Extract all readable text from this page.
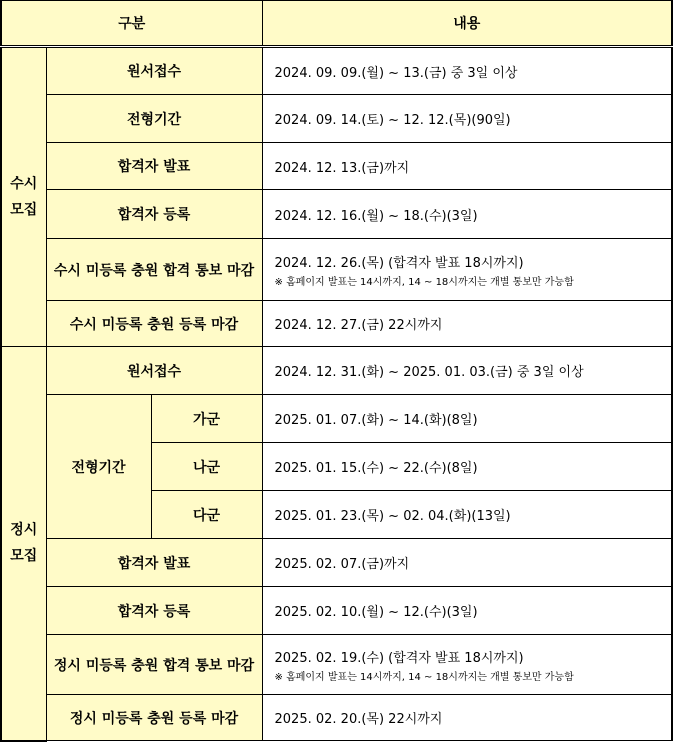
구분			내용
수시
모집	원서접수		2024. 09. 09.(월) ~ 13.(금) 중 3일 이상
	전형기간		2024. 09. 14.(토) ~ 12. 12.(목)(90일)
	합격자 발표		2024. 12. 13.(금)까지
	합격자 등록		2024. 12. 16.(월) ~ 18.(수)(3일)
	수시 미등록 충원 합격 통보 마감		2024. 12. 26.(목) (합격자 발표 18시까지)
※ 홈페이지 발표는 14시까지, 14 ~ 18시까지는 개별 통보만 가능함

	수시 미등록 충원 등록 마감		2024. 12. 27.(금) 22시까지
정시
모집	원서접수		2024. 12. 31.(화) ~ 2025. 01. 03.(금) 중 3일 이상
	전형기간	가군	2025. 01. 07.(화) ~ 14.(화)(8일)
		나군	2025. 01. 15.(수) ~ 22.(수)(8일)
		다군	2025. 01. 23.(목) ~ 02. 04.(화)(13일)
	합격자 발표		2025. 02. 07.(금)까지
	합격자 등록		2025. 02. 10.(월) ~ 12.(수)(3일)
	정시 미등록 충원 합격 통보 마감		2025. 02. 19.(수) (합격자 발표 18시까지)
※ 홈페이지 발표는 14시까지, 14 ~ 18시까지는 개별 통보만 가능함

	정시 미등록 충원 등록 마감		2025. 02. 20.(목) 22시까지
